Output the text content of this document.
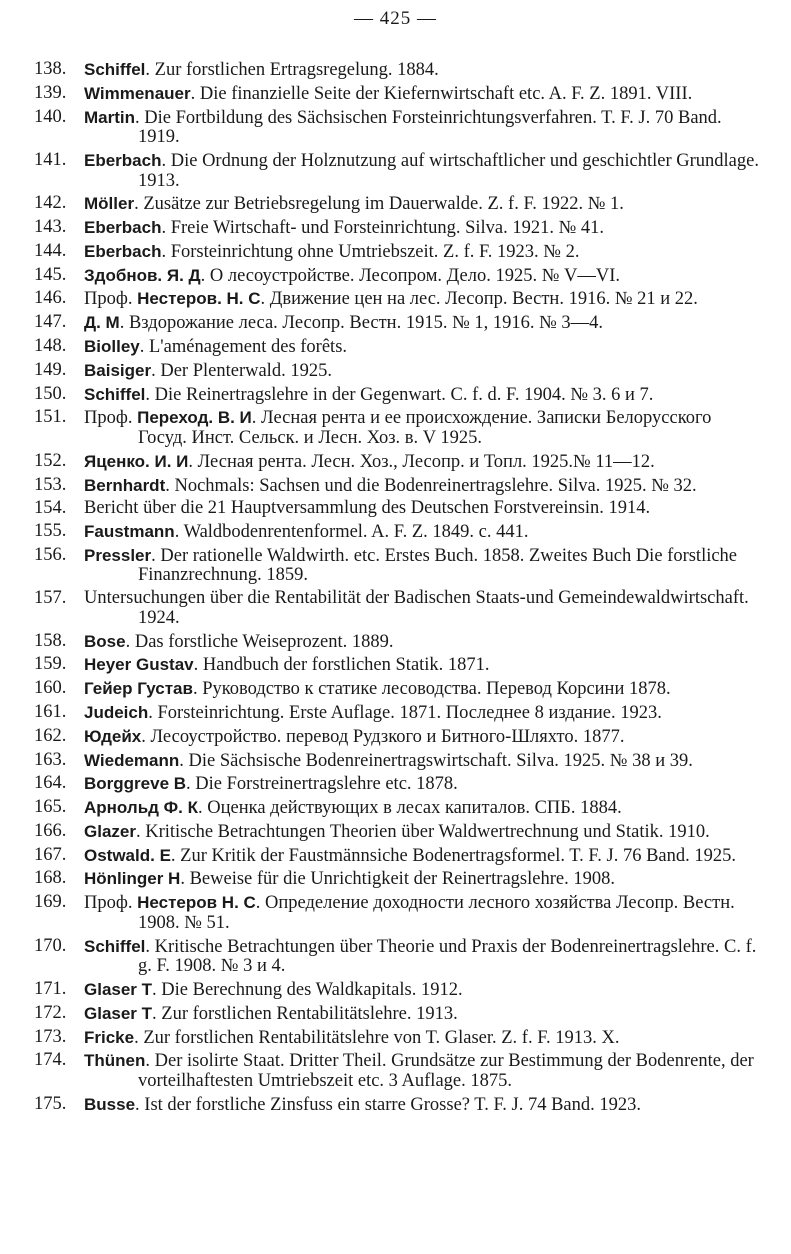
— 425 —
138.	Schiffel. Zur forstlichen Ertragsregelung. 1884.
139.	Wimmenauer. Die finanzielle Seite der Kiefernwirtschaft etc. A. F. Z. 1891. VIII.
140.	Martin. Die Fortbildung des Sächsischen Forsteinrichtungsverfahren. T. F. J. 70 Band. 1919.
141.	Eberbach. Die Ordnung der Holznutzung auf wirtschaftlicher und geschichtler Grundlage. 1913.
142.	Möller. Zusätze zur Betriebsregelung im Dauerwalde. Z. f. F. 1922. № 1.
143.	Eberbach. Freie Wirtschaft- und Forsteinrichtung. Silva. 1921. № 41.
144.	Eberbach. Forsteinrichtung ohne Umtriebszeit. Z. f. F. 1923. № 2.
145.	Здобнов. Я. Д. О лесоустройстве. Лесопром. Дело. 1925. № V—VI.
146. Проф. Нестеров. Н. С. Движение цен на лес. Лесопр. Вестн. 1916. № 21 и 22.
147.	Д. М. Вздорожание леса. Лесопр. Вестн. 1915. № 1, 1916. № 3—4.
148.	Biolley. L'aménagement des forêts.
149.	Baisiger. Der Plenterwald. 1925.
150.	Schiffel. Die Reinertragslehre in der Gegenwart. C. f. d. F. 1904. № 3. 6 и 7.
151. Проф. Переход. В. И. Лесная рента и ее происхождение. Записки Белорусского Госуд. Инст. Сельск. и Лесн. Хоз. в. V 1925.
152.	Яценко. И. И. Лесная рента. Лесн. Хоз., Лесопр. и Топл. 1925.№ 11—12.
153.	Bernhardt. Nochmals: Sachsen und die Bodenreinertragslehre. Silva. 1925. № 32.
154. Bericht über die 21 Hauptversammlung des Deutschen Forstvereinsin. 1914.
155.	Faustmann. Waldbodenrentenformel. A. F. Z. 1849. с. 441.
156.	Pressler. Der rationelle Waldwirth. etc. Erstes Buch. 1858. Zweites Buch Die forstliche Finanzrechnung. 1859.
157. Untersuchungen über die Rentabilität der Badischen Staats-und Gemeindewaldwirtschaft. 1924.
158.	Bose. Das forstliche Weiseprozent. 1889.
159.	Heyer Gustav. Handbuch der forstlichen Statik. 1871.
160.	Гейер Густав. Руководство к статике лесоводства. Перевод Корсини 1878.
161.	Judeich. Forsteinrichtung. Erste Auflage. 1871. Последнее 8 издание. 1923.
162.	Юдейх. Лесоустройство. перевод Рудзкого и Битного-Шляхто. 1877.
163.	Wiedemann. Die Sächsische Bodenreinertragswirtschaft. Silva. 1925. № 38 и 39.
164.	Borggreve B. Die Forstreinertragslehre etc. 1878.
165.	Арнольд Ф. К. Оценка действующих в лесах капиталов. СПБ. 1884.
166.	Glazer. Kritische Betrachtungen Theorien über Waldwertrechnung und Statik. 1910.
167.	Ostwald. E. Zur Kritik der Faustmännsiche Bodenertragsformel. T. F. J. 76 Band. 1925.
168.	Hönlinger H. Beweise für die Unrichtigkeit der Reinertragslehre. 1908.
169. Проф. Нестеров Н. С. Определение доходности лесного хозяйства Лесопр. Вестн. 1908. № 51.
170.	Schiffel. Kritische Betrachtungen über Theorie und Praxis der Bodenreinertragslehre. C. f. g. F. 1908. № 3 и 4.
171.	Glaser T. Die Berechnung des Waldkapitals. 1912.
172.	Glaser T. Zur forstlichen Rentabilitätslehre. 1913.
173.	Fricke. Zur forstlichen Rentabilitätslehre von T. Glaser. Z. f. F. 1913. X.
174.	Thünen. Der isolirte Staat. Dritter Theil. Grundsätze zur Bestimmung der Bodenrente, der vorteilhaftesten Umtriebszeit etc. 3 Auflage. 1875.
175.	Busse. Ist der forstliche Zinsfuss ein starre Grosse? T. F. J. 74 Band. 1923.
